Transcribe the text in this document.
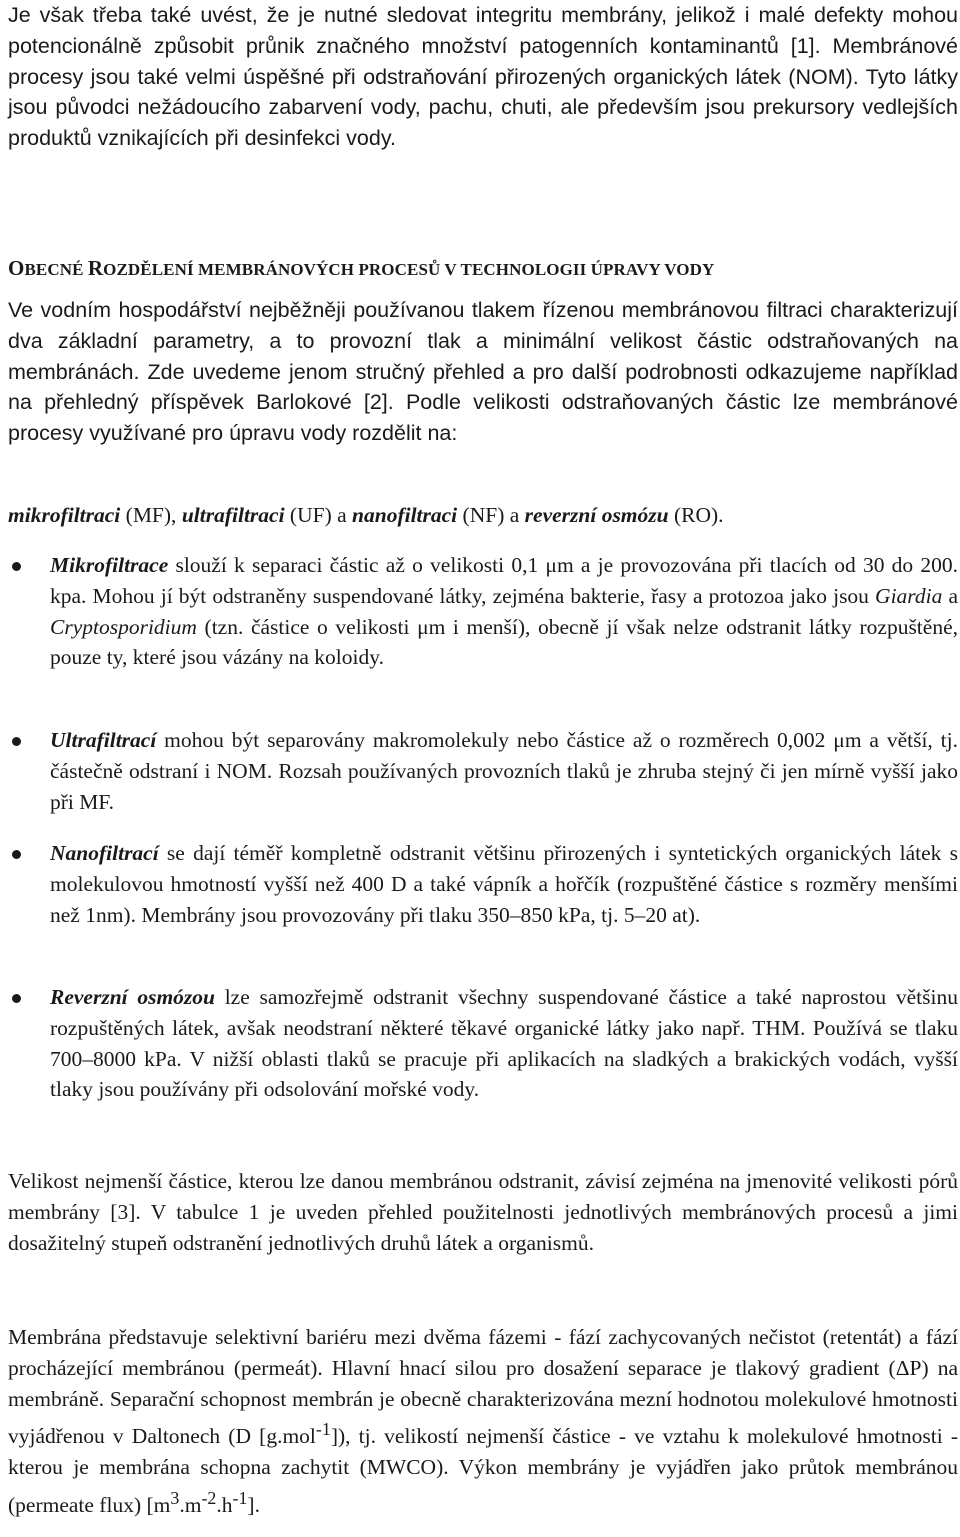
Je však třeba také uvést, že je nutné sledovat integritu membrány, jelikož i malé defekty mohou potencionálně způsobit průnik značného množství patogenních kontaminantů [1]. Membránové procesy jsou také velmi úspěšné při odstraňování přirozených organických látek (NOM). Tyto látky jsou původci nežádoucího zabarvení vody, pachu, chuti, ale především jsou prekursory vedlejších produktů vznikajících při desinfekci vody.

OBECNÉ ROZDĚLENÍ MEMBRÁNOVÝCH PROCESŮ V TECHNOLOGII ÚPRAVY VODY

Ve vodním hospodářství nejběžněji používanou tlakem řízenou membránovou filtraci charakterizují dva základní parametry, a to provozní tlak a minimální velikost částic odstraňovaných na membránách. Zde uvedeme jenom stručný přehled a pro další podrobnosti odkazujeme například na přehledný příspěvek Barlokové [2]. Podle velikosti odstraňovaných částic lze membránové procesy využívané pro úpravu vody rozdělit na:

mikrofiltraci (MF), ultrafiltraci (UF) a nanofiltraci (NF) a reverzní osmózu (RO).

Mikrofiltrace slouží k separaci částic až o velikosti 0,1 μm a je provozována při tlacích od 30 do 200. kpa. Mohou jí být odstraněny suspendované látky, zejména bakterie, řasy a protozoa jako jsou Giardia a Cryptosporidium (tzn. částice o velikosti μm i menší), obecně jí však nelze odstranit látky rozpuštěné, pouze ty, které jsou vázány na koloidy.

Ultrafiltrací mohou být separovány makromolekuly nebo částice až o rozměrech 0,002 μm a větší, tj. částečně odstraní i NOM. Rozsah používaných provozních tlaků je zhruba stejný či jen mírně vyšší jako při MF.

Nanofiltrací se dají téměř kompletně odstranit většinu přirozených i syntetických organických látek s molekulovou hmotností vyšší než 400 D a také vápník a hořčík (rozpuštěné částice s rozměry menšími než 1nm). Membrány jsou provozovány při tlaku 350–850 kPa, tj. 5–20 at).

Reverzní osmózou lze samozřejmě odstranit všechny suspendované částice a také naprostou většinu rozpuštěných látek, avšak neodstraní některé těkavé organické látky jako např. THM. Používá se tlaku 700–8000 kPa. V nižší oblasti tlaků se pracuje při aplikacích na sladkých a brakických vodách, vyšší tlaky jsou používány při odsolování mořské vody.

Velikost nejmenší částice, kterou lze danou membránou odstranit, závisí zejména na jmenovité velikosti pórů membrány [3]. V tabulce 1 je uveden přehled použitelnosti jednotlivých membránových procesů a jimi dosažitelný stupeň odstranění jednotlivých druhů látek a organismů.

Membrána představuje selektivní bariéru mezi dvěma fázemi - fází zachycovaných nečistot (retentát) a fází procházející membránou (permeát). Hlavní hnací silou pro dosažení separace je tlakový gradient (ΔP) na membráně. Separační schopnost membrán je obecně charakterizována mezní hodnotou molekulové hmotnosti vyjádřenou v Daltonech (D [g.mol$^{-1}$]), tj. velikostí nejmenší částice - ve vztahu k molekulové hmotnosti - kterou je membrána schopna zachytit (MWCO). Výkon membrány je vyjádřen jako průtok membránou (permeate flux) $[m^3.m^{-2}.h^{-1}]$.
